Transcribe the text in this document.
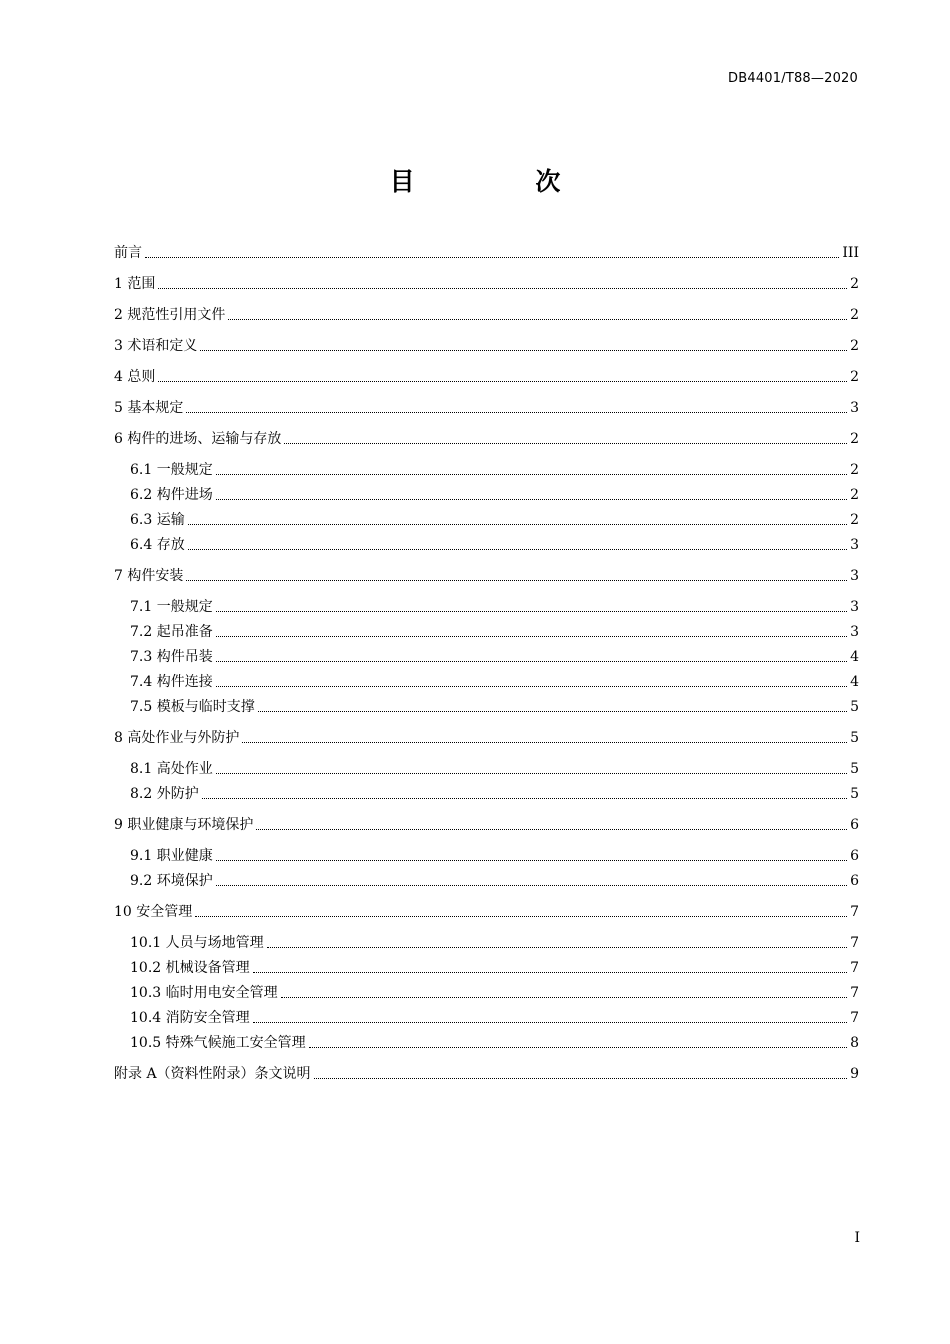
DB4401/T88—2020
目 次
前言	III
1 范围	2
2 规范性引用文件	2
3 术语和定义	2
4 总则	2
5 基本规定	3
6 构件的进场、运输与存放	2
6.1 一般规定	2
6.2 构件进场	2
6.3 运输	2
6.4 存放	3
7 构件安装	3
7.1 一般规定	3
7.2 起吊准备	3
7.3 构件吊装	4
7.4 构件连接	4
7.5 模板与临时支撑	5
8 高处作业与外防护	5
8.1 高处作业	5
8.2 外防护	5
9 职业健康与环境保护	6
9.1 职业健康	6
9.2 环境保护	6
10 安全管理	7
10.1 人员与场地管理	7
10.2 机械设备管理	7
10.3 临时用电安全管理	7
10.4 消防安全管理	7
10.5 特殊气候施工安全管理	8
附录 A（资料性附录）条文说明	9
I
